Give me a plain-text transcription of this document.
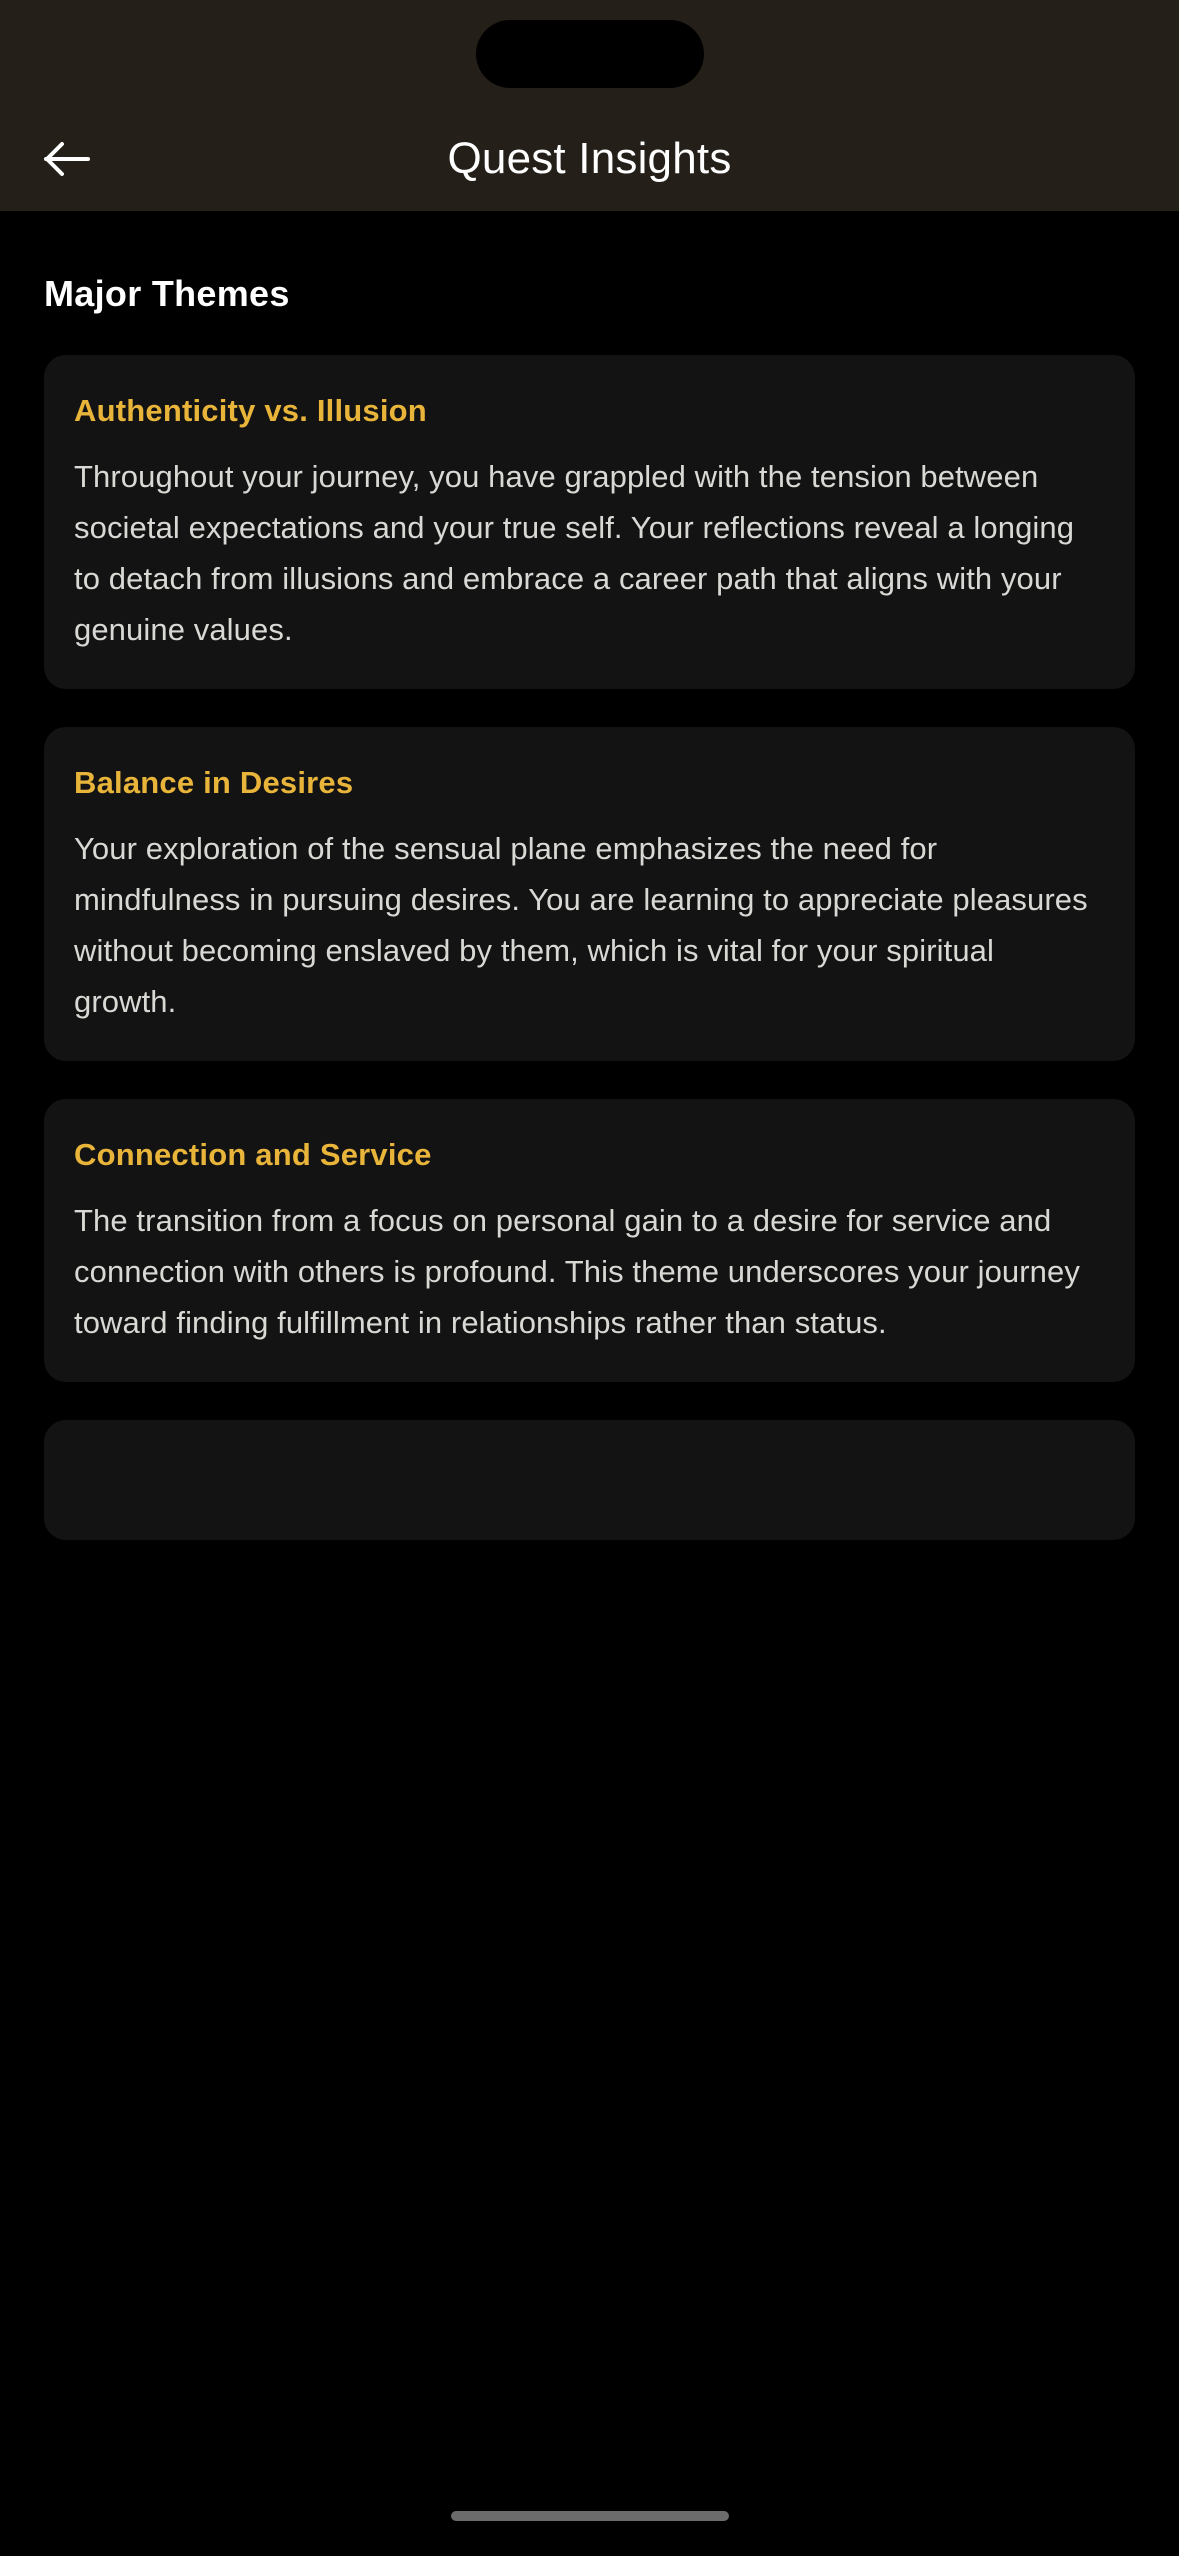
Quest Insights
Major Themes
Authenticity vs. Illusion
Throughout your journey, you have grappled with the tension between societal expectations and your true self. Your reflections reveal a longing to detach from illusions and embrace a career path that aligns with your genuine values.
Balance in Desires
Your exploration of the sensual plane emphasizes the need for mindfulness in pursuing desires. You are learning to appreciate pleasures without becoming enslaved by them, which is vital for your spiritual growth.
Connection and Service
The transition from a focus on personal gain to a desire for service and connection with others is profound. This theme underscores your journey toward finding fulfillment in relationships rather than status.
